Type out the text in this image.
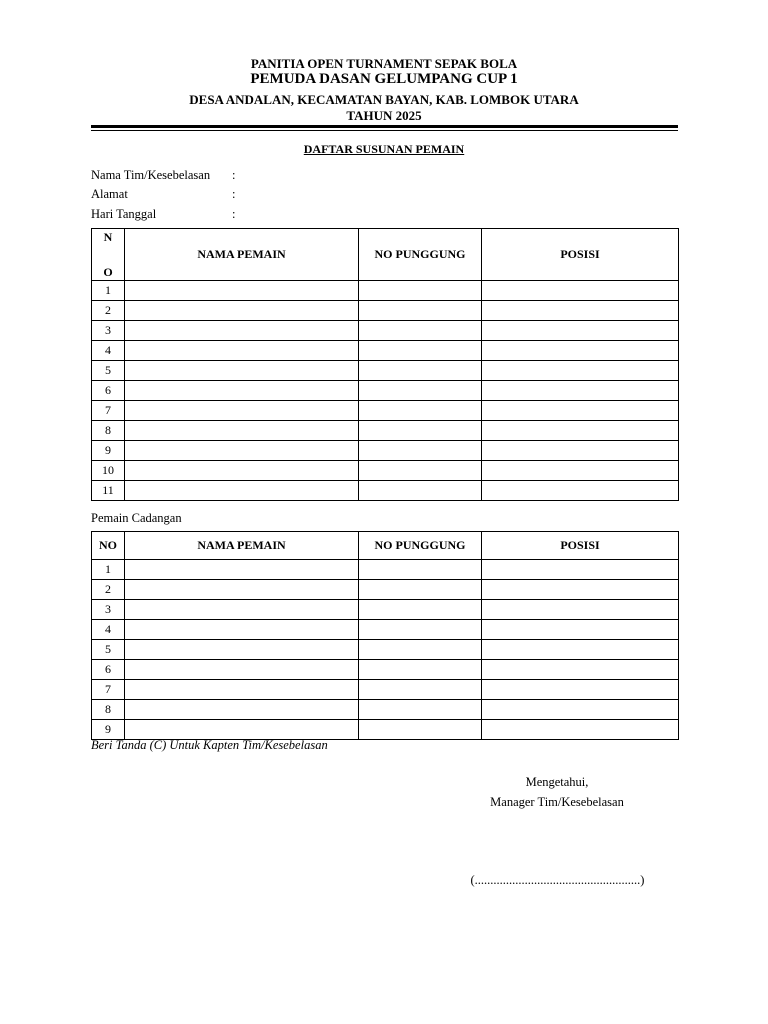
PANITIA OPEN TURNAMENT SEPAK BOLA
PEMUDA DASAN GELUMPANG CUP 1
DESA ANDALAN, KECAMATAN BAYAN, KAB. LOMBOK UTARA
TAHUN 2025
DAFTAR SUSUNAN PEMAIN
Nama Tim/Kesebelasan :
Alamat	:
Hari Tanggal	:
N
O	NAMA PEMAIN	NO PUNGGUNG	POSISI
1			
2			
3			
4			
5			
6			
7			
8			
9			
10			
11			
Pemain Cadangan
NO	NAMA PEMAIN	NO PUNGGUNG	POSISI
1			
2			
3			
4			
5			
6			
7			
8			
9			
Beri Tanda (C) Untuk Kapten Tim/Kesebelasan
Mengetahui,
Manager Tim/Kesebelasan
(.....................................................)
